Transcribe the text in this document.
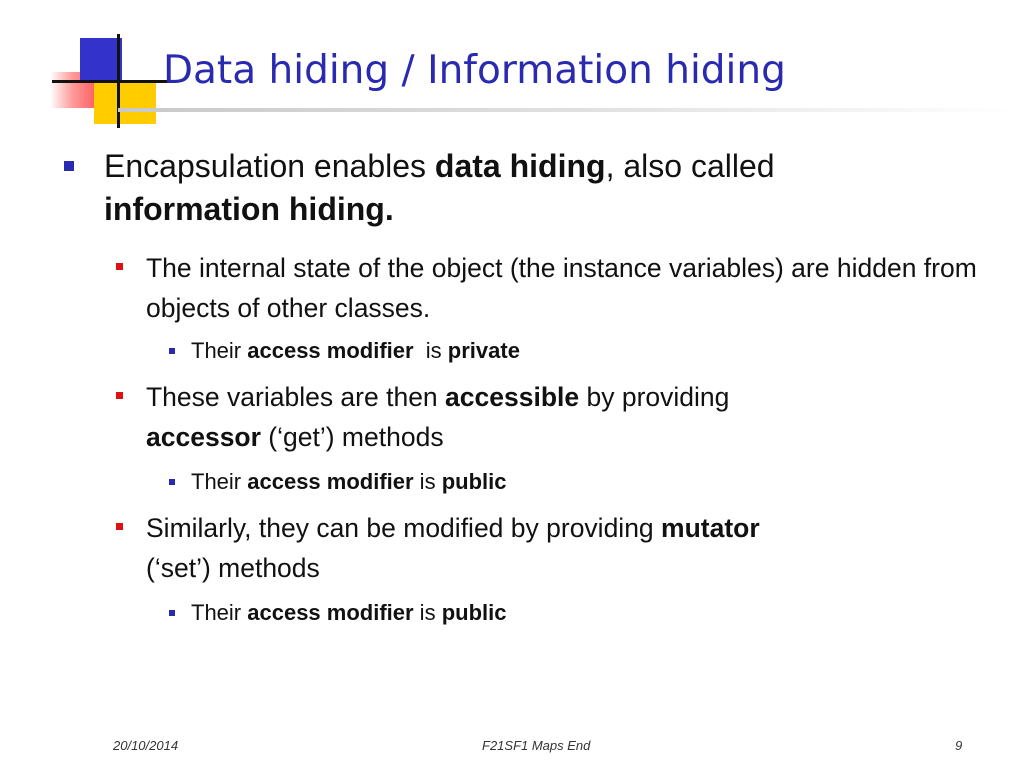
Data hiding / Information hiding
Encapsulation enables data hiding, also called
information hiding.
The internal state of the object (the instance variables) are hidden from objects of other classes.
Their access modifier  is private
These variables are then accessible by providing
accessor (‘get’) methods
Their access modifier is public
Similarly, they can be modified by providing mutator
(‘set’) methods
Their access modifier is public
20/10/2014	F21SF1 Maps End	9
